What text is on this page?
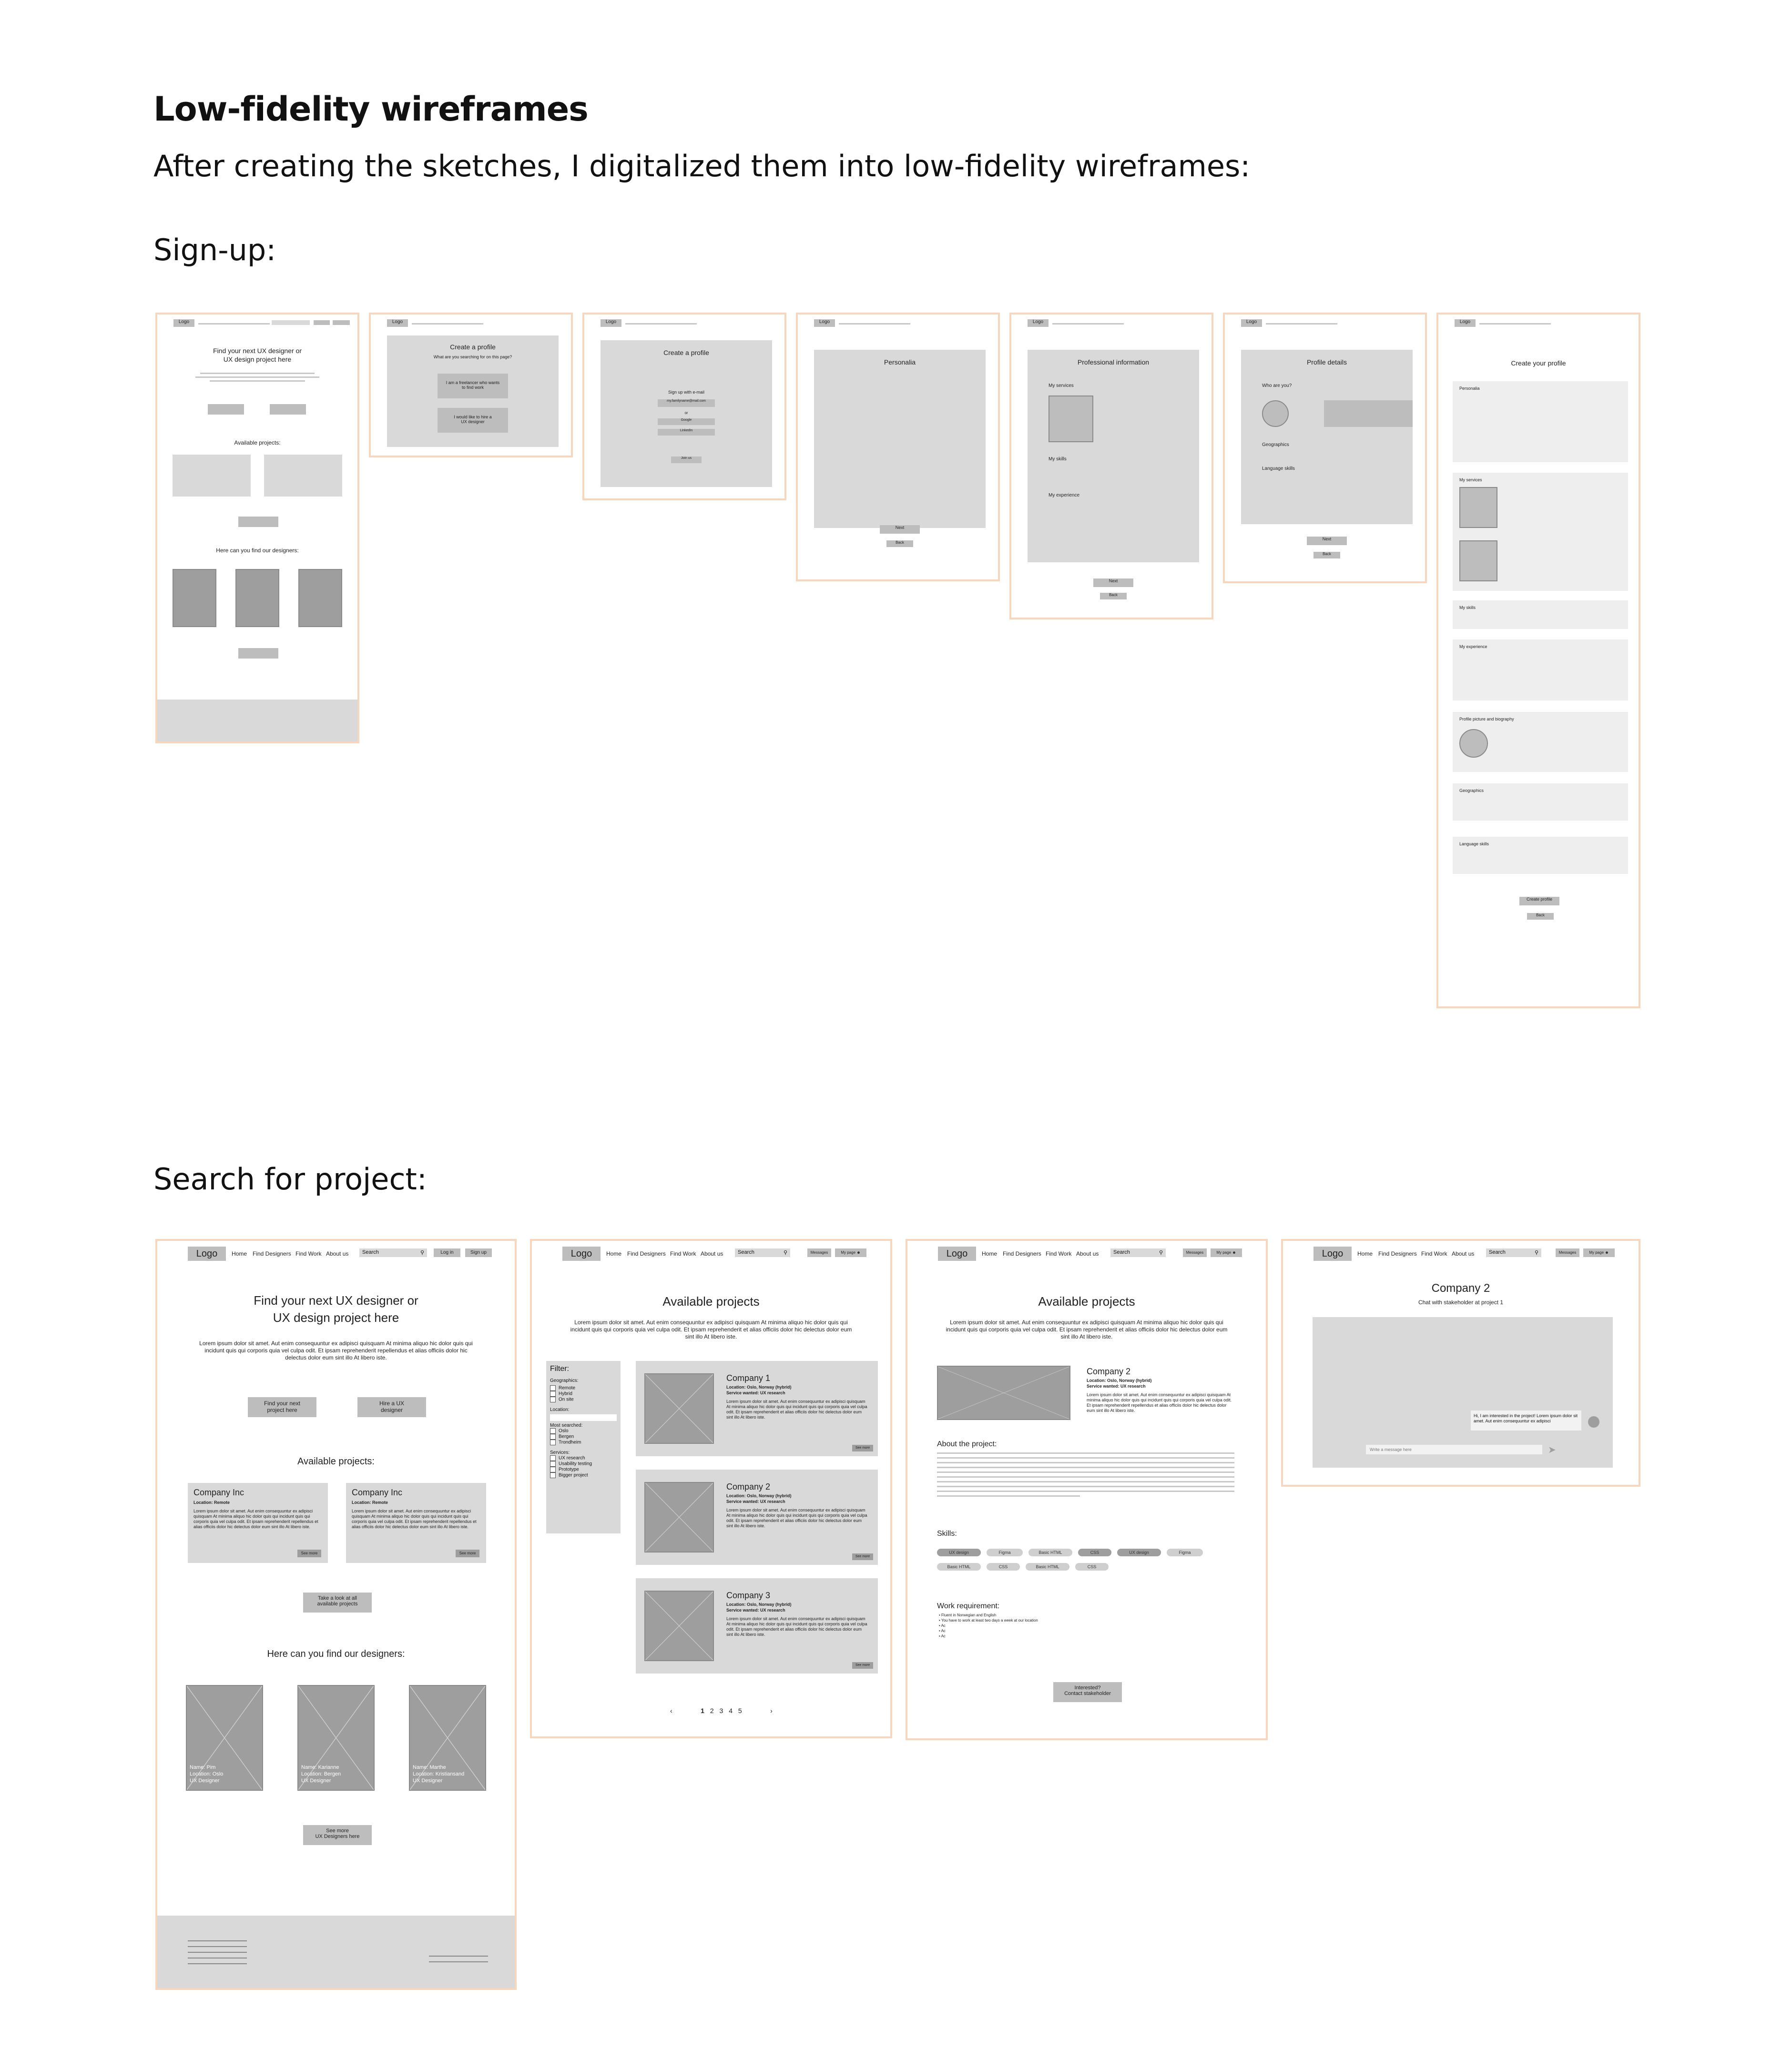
Low-fidelity wireframes
After creating the sketches, I digitalized them into low-fidelity wireframes:
Sign-up:
Search for project:
Logo
Find your next UX designer or
UX design project here
Available projects:
Here can you find our designers:
Logo
Create a profile
What are you searching for on this page?
I am a freelancer who wants
to find work
I would like to hire a
UX designer
Logo
Create a profile
Sign up with e-mail
my.familyname@mail.com
or
Google
LinkedIn
Join us
Logo
Personalia
Next
Back
Logo
Professional information
My services
My skills
My experience
Next
Back
Logo
Profile details
Who are you?
Geographics
Language skills
Next
Back
Logo
Create your profile
Personalia
My services
My skills
My experience
Profile picture and biography
Geographics
Language skills
Create profile
Back
Logo	Home Find Designers Find Work About us	Search	⚲	Log in	Sign up
Find your next UX designer or
UX design project here
Lorem ipsum dolor sit amet. Aut enim consequuntur ex adipisci quisquam At minima aliquo hic dolor quis qui incidunt quis qui corporis quia vel culpa odit. Et ipsam reprehenderit repellendus et alias officiis dolor hic delectus dolor eum sint illo At libero iste.
Find your next
project here
Hire a UX
designer
Available projects:
Company Inc
Location: Remote
Lorem ipsum dolor sit amet. Aut enim consequuntur ex adipisci quisquam At minima aliquo hic dolor quis qui incidunt quis qui corporis quia vel culpa odit. Et ipsam reprehenderit repellendus et alias officiis dolor hic delectus dolor eum sint illo At libero iste.
See more
Company Inc
Location: Remote
Lorem ipsum dolor sit amet. Aut enim consequuntur ex adipisci quisquam At minima aliquo hic dolor quis qui incidunt quis qui corporis quia vel culpa odit. Et ipsam reprehenderit repellendus et alias officiis dolor hic delectus dolor eum sint illo At libero iste.
See more
Take a look at all
available projects
Here can you find our designers:
Name: Pim
Location: Oslo
UX Designer
Name: Karianne
Location: Bergen
UX Designer
Name: Marthe
Location: Kristiansand
UX Designer
See more
UX Designers here
Logo	Home Find Designers Find Work About us	Search	⚲	Messages	My page ☻
Available projects
Lorem ipsum dolor sit amet. Aut enim consequuntur ex adipisci quisquam At minima aliquo hic dolor quis qui incidunt quis qui corporis quia vel culpa odit. Et ipsam reprehenderit et alias officiis dolor hic delectus dolor eum sint illo At libero iste.
Filter:
Geographics:
Remote
Hybrid
On site
Location:
Most searched:
Oslo
Bergen
Trondheim
Services:
UX research
Usability testing
Prototype
Bigger project
Company 1
Location: Oslo, Norway (hybrid)
Service wanted: UX research
Lorem ipsum dolor sit amet. Aut enim consequuntur ex adipisci quisquam At minima aliquo hic dolor quis qui incidunt quis qui corporis quia vel culpa odit. Et ipsam reprehenderit et alias officiis dolor hic delectus dolor eum sint illo At libero iste.
See more
Company 2
Location: Oslo, Norway (hybrid)
Service wanted: UX research
Lorem ipsum dolor sit amet. Aut enim consequuntur ex adipisci quisquam At minima aliquo hic dolor quis qui incidunt quis qui corporis quia vel culpa odit. Et ipsam reprehenderit et alias officiis dolor hic delectus dolor eum sint illo At libero iste.
See more
Company 3
Location: Oslo, Norway (hybrid)
Service wanted: UX research
Lorem ipsum dolor sit amet. Aut enim consequuntur ex adipisci quisquam At minima aliquo hic dolor quis qui incidunt quis qui corporis quia vel culpa odit. Et ipsam reprehenderit et alias officiis dolor hic delectus dolor eum sint illo At libero iste.
See more
‹	1 2 3 4 5	›
Logo	Home Find Designers Find Work About us	Search	⚲	Messages	My page ☻
Available projects
Lorem ipsum dolor sit amet. Aut enim consequuntur ex adipisci quisquam At minima aliquo hic dolor quis qui incidunt quis qui corporis quia vel culpa odit. Et ipsam reprehenderit et alias officiis dolor hic delectus dolor eum sint illo At libero iste.
Company 2
Location: Oslo, Norway (hybrid)
Service wanted: UX research
Lorem ipsum dolor sit amet. Aut enim consequuntur ex adipisci quisquam At minima aliquo hic dolor quis qui incidunt quis qui corporis quia vel culpa odit. Et ipsam reprehenderit repellendus et alias officiis dolor hic delectus dolor eum sint illo At libero iste.
About the project:
Skills:
UX design	Figma	Basic HTML	CSS	UX design	Figma
Basic HTML	CSS	Basic HTML	CSS
Work requirement:
• Fluent in Norwegian and English
• You have to work at least two days a week at our location
• Ac
• Ac
• Ac
Interested?
Contact stakeholder
Logo	Home Find Designers Find Work About us	Search	⚲	Messages	My page ☻
Company 2
Chat with stakeholder at project 1
Hi, I am interested in the project! Lorem ipsum dolor sit amet. Aut enim consequuntur ex adipisci
Write a message here	➤
